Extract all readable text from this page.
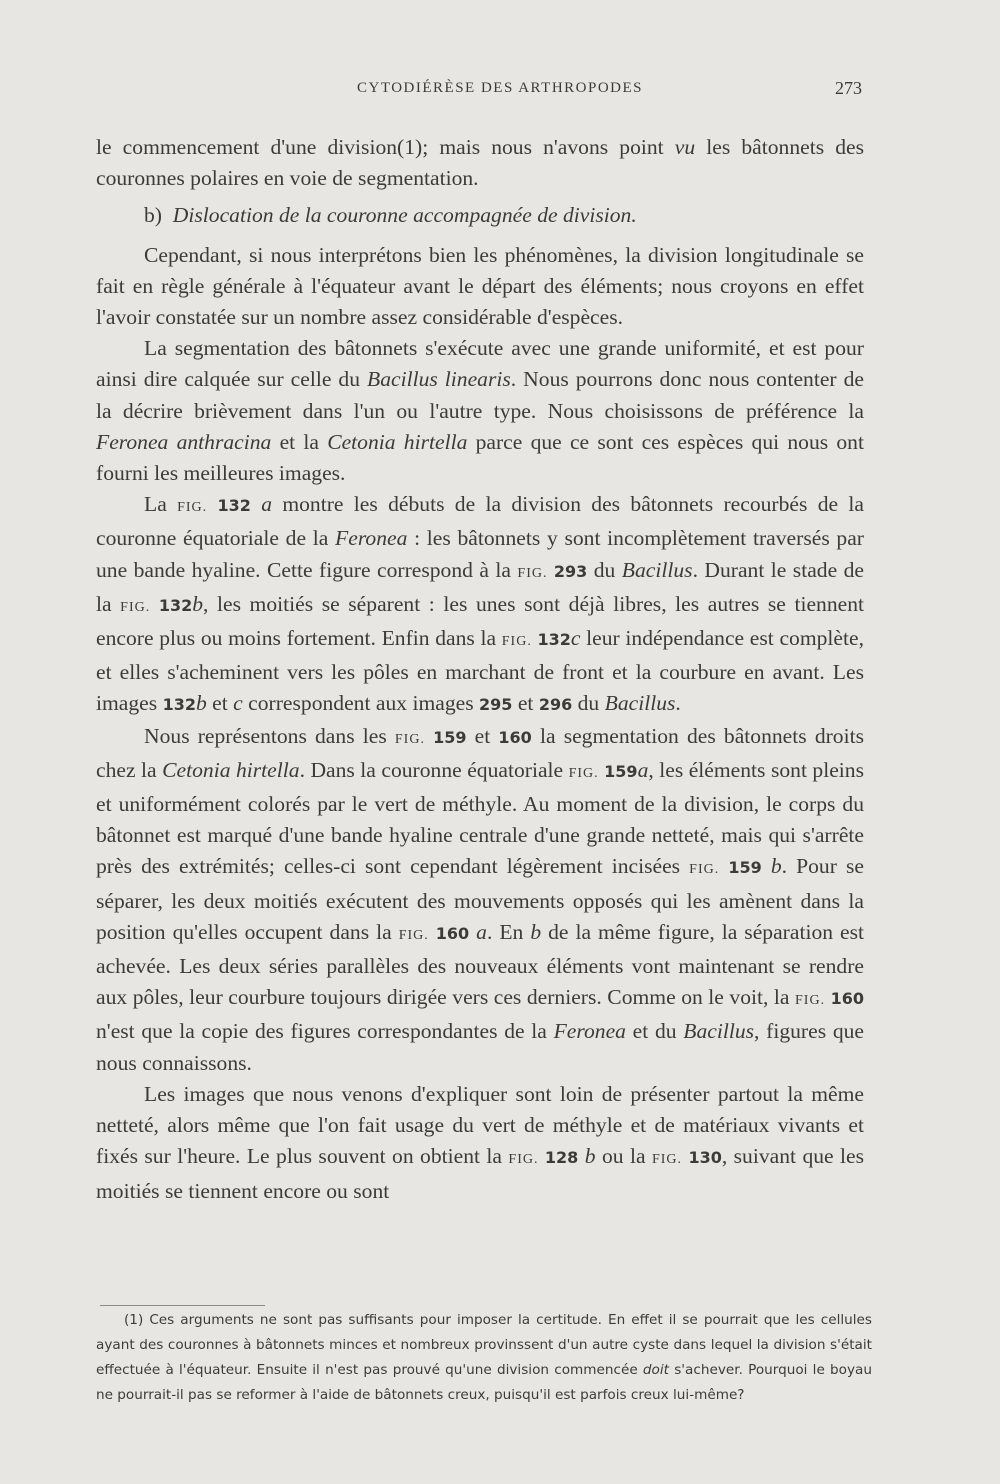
CYTODIÉRÈSE DES ARTHROPODES	273

le commencement d'une division(1); mais nous n'avons point vu les bâtonnets des couronnes polaires en voie de segmentation.

b) Dislocation de la couronne accompagnée de division.

Cependant, si nous interprétons bien les phénomènes, la division longitudinale se fait en règle générale à l'équateur avant le départ des éléments; nous croyons en effet l'avoir constatée sur un nombre assez considérable d'espèces.

La segmentation des bâtonnets s'exécute avec une grande uniformité, et est pour ainsi dire calquée sur celle du Bacillus linearis. Nous pourrons donc nous contenter de la décrire brièvement dans l'un ou l'autre type. Nous choisissons de préférence la Feronea anthracina et la Cetonia hirtella parce que ce sont ces espèces qui nous ont fourni les meilleures images.

La FIG. 132 a montre les débuts de la division des bâtonnets recourbés de la couronne équatoriale de la Feronea : les bâtonnets y sont incomplètement traversés par une bande hyaline. Cette figure correspond à la FIG. 293 du Bacillus. Durant le stade de la FIG. 132b, les moitiés se séparent : les unes sont déjà libres, les autres se tiennent encore plus ou moins fortement. Enfin dans la FIG. 132c leur indépendance est complète, et elles s'acheminent vers les pôles en marchant de front et la courbure en avant. Les images 132b et c correspondent aux images 295 et 296 du Bacillus.

Nous représentons dans les FIG. 159 et 160 la segmentation des bâtonnets droits chez la Cetonia hirtella. Dans la couronne équatoriale FIG. 159a, les éléments sont pleins et uniformément colorés par le vert de méthyle. Au moment de la division, le corps du bâtonnet est marqué d'une bande hyaline centrale d'une grande netteté, mais qui s'arrête près des extrémités; celles-ci sont cependant légèrement incisées FIG. 159 b. Pour se séparer, les deux moitiés exécutent des mouvements opposés qui les amènent dans la position qu'elles occupent dans la FIG. 160 a. En b de la même figure, la séparation est achevée. Les deux séries parallèles des nouveaux éléments vont maintenant se rendre aux pôles, leur courbure toujours dirigée vers ces derniers. Comme on le voit, la FIG. 160 n'est que la copie des figures correspondantes de la Feronea et du Bacillus, figures que nous connaissons.

Les images que nous venons d'expliquer sont loin de présenter partout la même netteté, alors même que l'on fait usage du vert de méthyle et de matériaux vivants et fixés sur l'heure. Le plus souvent on obtient la FIG. 128 b ou la FIG. 130, suivant que les moitiés se tiennent encore ou sont

(1) Ces arguments ne sont pas suffisants pour imposer la certitude. En effet il se pourrait que les cellules ayant des couronnes à bâtonnets minces et nombreux provinssent d'un autre cyste dans lequel la division s'était effectuée à l'équateur. Ensuite il n'est pas prouvé qu'une division commencée doit s'achever. Pourquoi le boyau ne pourrait-il pas se reformer à l'aide de bâtonnets creux, puisqu'il est parfois creux lui-même?
